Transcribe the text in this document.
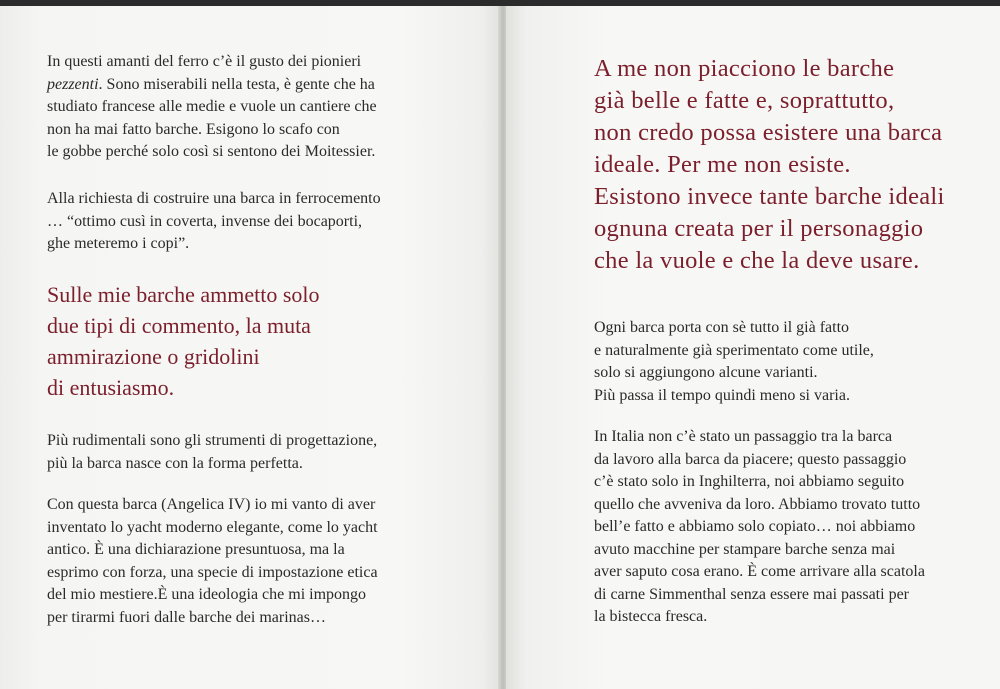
In questi amanti del ferro c’è il gusto dei pionieri
pezzenti. Sono miserabili nella testa, è gente che ha
studiato francese alle medie e vuole un cantiere che
non ha mai fatto barche. Esigono lo scafo con
le gobbe perché solo così si sentono dei Moitessier.

Alla richiesta di costruire una barca in ferrocemento
… “ottimo cusì in coverta, invense dei bocaporti,
ghe meteremo i copi”.

Sulle mie barche ammetto solo
due tipi di commento, la muta
ammirazione o gridolini
di entusiasmo.

Più rudimentali sono gli strumenti di progettazione,
più la barca nasce con la forma perfetta.

Con questa barca (Angelica IV) io mi vanto di aver
inventato lo yacht moderno elegante, come lo yacht
antico. È una dichiarazione presuntuosa, ma la
esprimo con forza, una specie di impostazione etica
del mio mestiere.È una ideologia che mi impongo
per tirarmi fuori dalle barche dei marinas…

A me non piacciono le barche
già belle e fatte e, soprattutto,
non credo possa esistere una barca
ideale. Per me non esiste.
Esistono invece tante barche ideali
ognuna creata per il personaggio
che la vuole e che la deve usare.

Ogni barca porta con sè tutto il già fatto
e naturalmente già sperimentato come utile,
solo si aggiungono alcune varianti.
Più passa il tempo quindi meno si varia.

In Italia non c’è stato un passaggio tra la barca
da lavoro alla barca da piacere; questo passaggio
c’è stato solo in Inghilterra, noi abbiamo seguito
quello che avveniva da loro. Abbiamo trovato tutto
bell’e fatto e abbiamo solo copiato… noi abbiamo
avuto macchine per stampare barche senza mai
aver saputo cosa erano. È come arrivare alla scatola
di carne Simmenthal senza essere mai passati per
la bistecca fresca.
